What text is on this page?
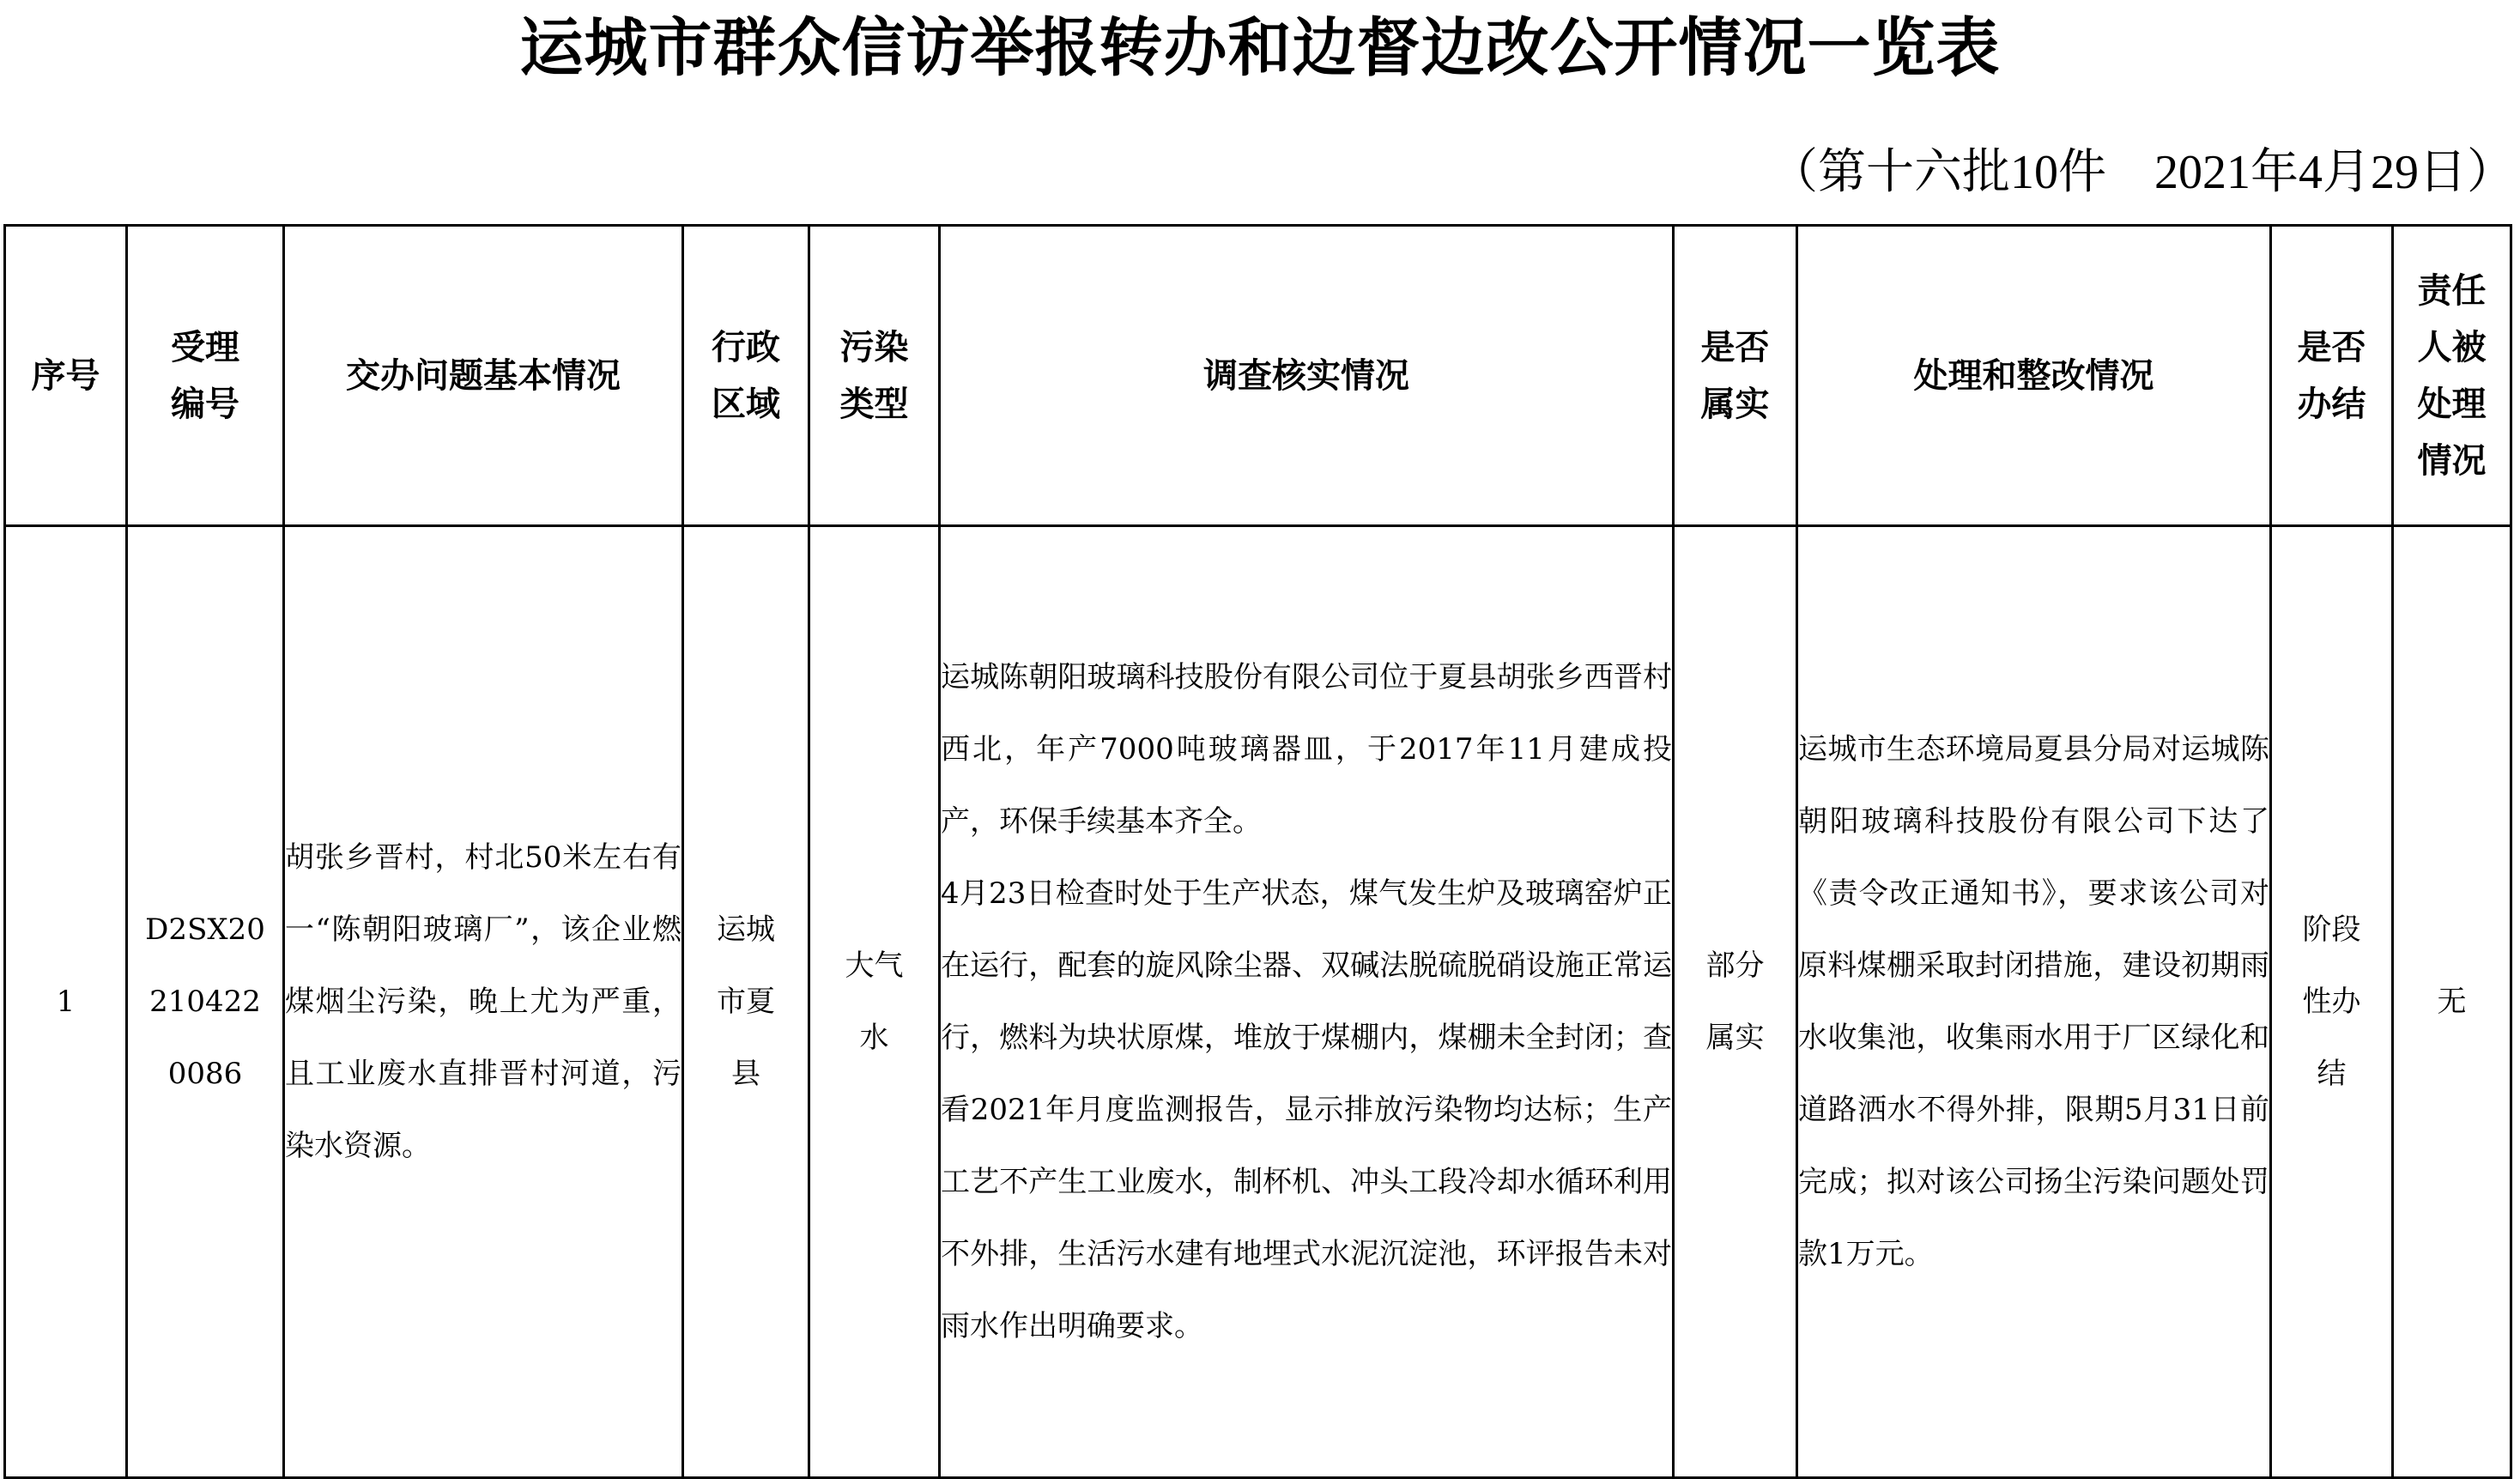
运城市群众信访举报转办和边督边改公开情况一览表
（第十六批10件　2021年4月29日）
序号	受理编号	交办问题基本情况	行政区域	污染类型	调查核实情况	是否属实	处理和整改情况	是否办结	责任人被处理情况

1	D2SX20210422008​6	胡张乡晋村，村北50米左右有一“陈朝阳玻璃厂”，该企业燃煤烟尘污染，晚上尤为严重，且工业废水直排晋村河道，污染水资源。	运城市夏县	大气水	运城陈朝阳玻璃科技股份有限公司位于夏县胡张乡西晋村西北，年产7000吨玻璃器皿，于2017年11月建成投产，环保手续基本齐全。
4月23日检查时处于生产状态，煤气发生炉及玻璃窑炉正在运行，配套的旋风除尘器、双碱法脱硫脱硝设施正常运行，燃料为块状原煤，堆放于煤棚内，煤棚未全封闭；查看2021年月度监测报告，显示排放污染物均达标；生产工艺不产生工业废水，制杯机、冲头工段冷却水循环利用不外排，生活污水建有地埋式水泥沉淀池，环评报告未对雨水作出明确要求。	部分属实	运城市生态环境局夏县分局对运城陈朝阳玻璃科技股份有限公司下达了《责令改正通知书》，要求该公司对原料煤棚采取封闭措施，建设初期雨水收集池，收集雨水用于厂区绿化和道路洒水不得外排，限期5月31日前完成；拟对该公司扬尘污染问题处罚款1万元。	阶段性办结	无
